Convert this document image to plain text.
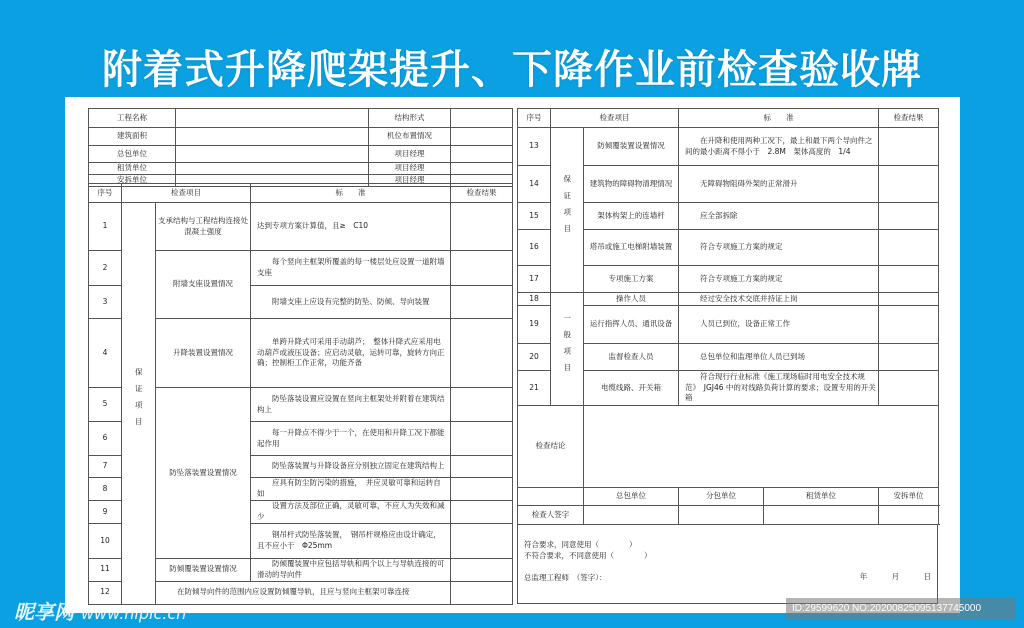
附着式升降爬架提升、下降作业前检查验收牌
工程名称		结构形式	
建筑面积		机位布置情况	
总包单位		项目经理	
租赁单位		项目经理	
安拆单位		项目经理	
序号	检查项目		标　　准	检查结果
1	保证项目	支承结构与工程结构连接处混凝土强度	达到专项方案计算值，且≥　C10	
2		附墙支座设置情况	　　每个竖向主框架所覆盖的每一楼层处应设置一道附墙支座	
3			　　附墙支座上应设有完整的防坠、防倾、导向装置	
4		升降装置设置情况	　　单跨升降式可采用手动葫芦；　整体升降式应采用电动葫芦或液压设备；应启动灵敏，运转可靠，旋转方向正确；控制柜工作正常，功能齐备	
5		防坠落装置设置情况	　　防坠落装设置应设置在竖向主框架处并附着在建筑结构上	
6			　　每一升降点不得少于一个，在使用和升降工况下都能起作用	
7			　　防坠落装置与升降设备应分别独立固定在建筑结构上	
8			　　应具有防尘防污染的措施，　并应灵敏可靠和运转自如	
9			　　设置方法及部位正确，灵敏可靠，不应人为失效和减少	
10			　　钢吊杆式防坠落装置，　钢吊杆规格应由设计确定，且不应小于　Φ25mm	
11		防倾覆装置设置情况	　　防倾覆装置中应包括导轨和两个以上与导轨连接的可滑动的导向件	
12		　　在防倾导向件的范围内应设置防倾覆导轨，且应与竖向主框架可靠连接		
序号	检查项目		标　　准		检查结果
13	保证项目	防倾覆装置设置情况	　　在升降和使用两种工况下，最上和最下两个导向件之间的最小距离不得小于　2.8M　架体高度的　1/4		
14		建筑物的障碍物清理情况	　　无障碍物阻碍外架的正常滑升		
15		架体构架上的连墙杆	　　应全部拆除		
16		塔吊或施工电梯附墙装置	　　符合专项施工方案的规定		
17		专项施工方案	　　符合专项施工方案的规定		
18	一般项目	操作人员	　　经过安全技术交底并持证上岗		
19		运行指挥人员、通讯设备	　　人员已到位，设备正常工作		
20		监督检查人员	　　总包单位和监理单位人员已到场		
21		电缆线路、开关箱	　　符合现行行业标准《施工现场临时用电安全技术规范》　JGJ46 中的对线路负荷计算的要求；设置专用的开关箱		
检查结论					
		总包单位	分包单位	租赁单位	安拆单位
检查人签字					
符合要求，同意使用（　　　　）
不符合要求，不同意使用（　　　　）
总监理工程师　（签字）：	年 月 日
昵享网 www.nipic.cn	ID:29599620 NO:20200825095137745000
